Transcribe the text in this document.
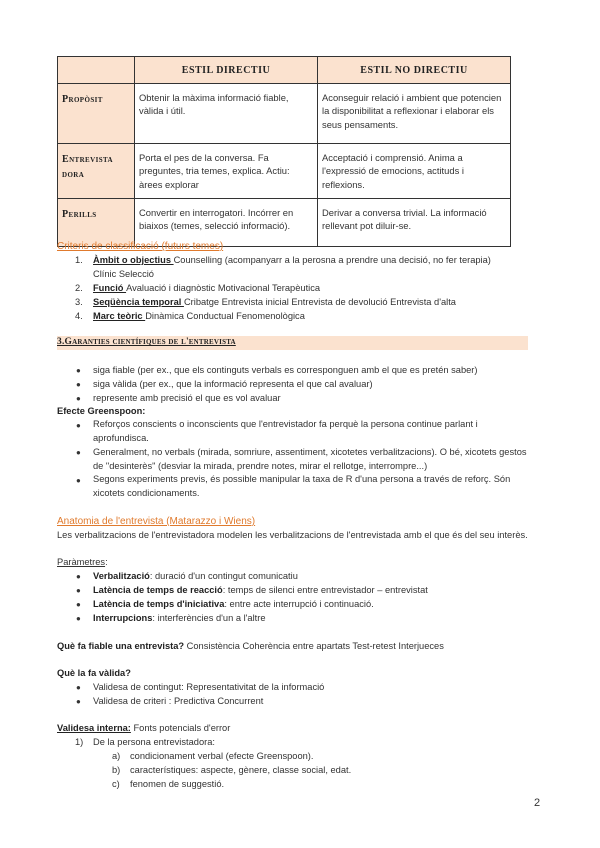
	ESTIL DIRECTIU	ESTIL NO DIRECTIU
Propòsit	Obtenir la màxima informació fiable, vàlida i útil.	Aconseguir relació i ambient que potencien la disponibilitat a reflexionar i elaborar els seus pensaments.
Entrevista dora	Porta el pes de la conversa. Fa preguntes, tria temes, explica. Actiu: àrees explorar	Acceptació i comprensió. Anima a l'expressió de emocions, actituds i reflexions.
Perills	Convertir en interrogatori. Incórrer en biaixos (temes, selecció informació).	Derivar a conversa trivial. La informació rellevant pot diluir-se.
Criteris de classificació (futurs temes)
1. Àmbit o objectius Counselling (acompanyarr a la perosna a prendre una decisió, no fer terapia)
Clínic Selecció
2. Funció Avaluació i diagnòstic Motivacional Terapèutica
3. Seqüència temporal Cribatge Entrevista inicial Entrevista de devolució Entrevista d'alta
4. Marc teòric Dinàmica Conductual Fenomenològica
3.Garanties científiques de l'entrevista
● siga fiable (per ex., que els continguts verbals es corresponguen amb el que es pretén saber)
● siga vàlida (per ex., que la informació representa el que cal avaluar)
● represente amb precisió el que es vol avaluar
Efecte Greenspoon:
● Reforços conscients o inconscients que l'entrevistador fa perquè la persona continue parlant i aprofundisca.
● Generalment, no verbals (mirada, somriure, assentiment, xicotetes verbalitzacions). O bé, xicotets gestos de "desinterès" (desviar la mirada, prendre notes, mirar el rellotge, interrompre...)
● Segons experiments previs, és possible manipular la taxa de R d'una persona a través de reforç. Són xicotets condicionaments.
Anatomia de l'entrevista (Matarazzo i Wiens)
Les verbalitzacions de l'entrevistadora modelen les verbalitzacions de l'entrevistada amb el que és del seu interès.
Paràmetres:
● Verbalització: duració d'un contingut comunicatiu
● Latència de temps de reacció: temps de silenci entre entrevistador – entrevistat
● Latència de temps d'iniciativa: entre acte interrupció i continuació.
● Interrupcions: interferències d'un a l'altre
Què fa fiable una entrevista? Consistència Coherència entre apartats Test-retest Interjueces
Què la fa vàlida?
● Validesa de contingut: Representativitat de la informació
● Validesa de criteri : Predictiva Concurrent
Validesa interna: Fonts potencials d'error
1) De la persona entrevistadora:
a) condicionament verbal (efecte Greenspoon).
b) característiques: aspecte, gènere, classe social, edat.
c) fenomen de suggestió.
2
